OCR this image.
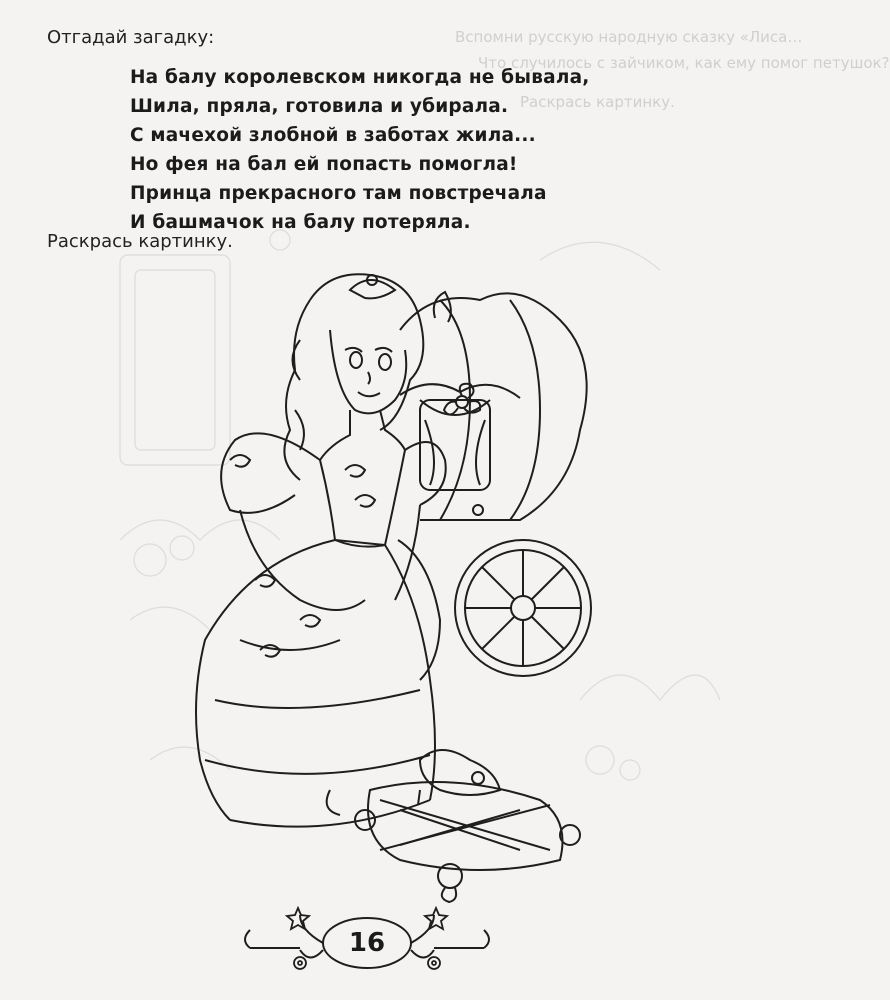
Вспомни русскую народную сказку «Лиса…
Что случилось с зайчиком, как ему помог петушок?
Раскрась картинку.
Отгадай загадку:
На балу королевском никогда не бывала,
Шила, пряла, готовила и убирала.
С мачехой злобной в заботах жила...
Но фея на бал ей попасть помогла!
Принца прекрасного там повстречала
И башмачок на балу потеряла.
Раскрась картинку.
16
